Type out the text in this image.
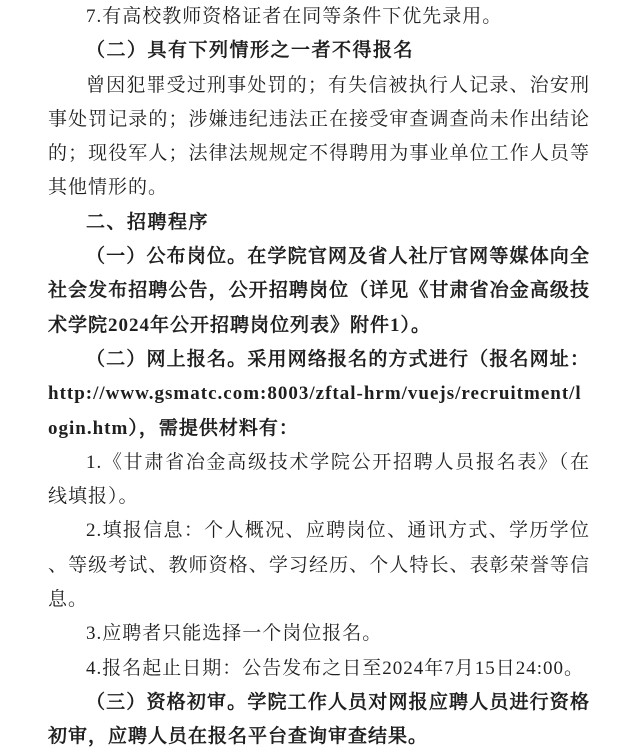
7.有高校教师资格证者在同等条件下优先录用。

（二）具有下列情形之一者不得报名

曾因犯罪受过刑事处罚的；有失信被执行人记录、治安刑事处罚记录的；涉嫌违纪违法正在接受审查调查尚未作出结论的；现役军人；法律法规规定不得聘用为事业单位工作人员等其他情形的。

二、招聘程序

（一）公布岗位。在学院官网及省人社厅官网等媒体向全社会发布招聘公告，公开招聘岗位（详见《甘肃省冶金高级技术学院2024年公开招聘岗位列表》附件1）。

（二）网上报名。采用网络报名的方式进行（报名网址：http://www.gsmatc.com:8003/zftal-hrm/vuejs/recruitment/login.htm），需提供材料有：

1.《甘肃省冶金高级技术学院公开招聘人员报名表》（在线填报）。

2.填报信息：个人概况、应聘岗位、通讯方式、学历学位、等级考试、教师资格、学习经历、个人特长、表彰荣誉等信息。

3.应聘者只能选择一个岗位报名。

4.报名起止日期：公告发布之日至2024年7月15日24:00。

（三）资格初审。学院工作人员对网报应聘人员进行资格初审，应聘人员在报名平台查询审查结果。
